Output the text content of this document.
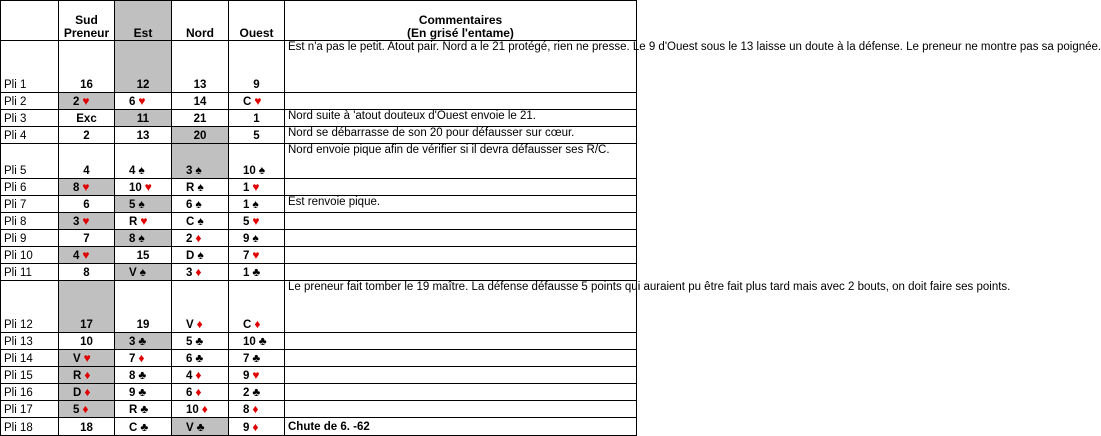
	Sud
Preneur	Est	Nord	Ouest	Commentaires
(En grisé l'entame)
Pli 1	16	12	13	9	Est n'a pas le petit. Atout pair. Nord a le 21 protégé, rien ne presse. Le 9 d'Ouest sous le 13 laisse un doute à la défense. Le preneur ne montre pas sa poignée.
Pli 2	2 ♥	6 ♥	14	C ♥	
Pli 3	Exc	11	21	1	Nord suite à 'atout douteux d'Ouest envoie le 21.
Pli 4	2	13	20	5	Nord se débarrasse de son 20 pour défausser sur cœur.
Pli 5	4	4 ♠	3 ♠	10 ♠	Nord envoie pique afin de vérifier si il devra défausser ses R/C.
Pli 6	8 ♥	10 ♥	R ♠	1 ♥	
Pli 7	6	5 ♠	6 ♠	1 ♠	Est renvoie pique.
Pli 8	3 ♥	R ♥	C ♠	5 ♥	
Pli 9	7	8 ♠	2 ♦	9 ♠	
Pli 10	4 ♥	15	D ♠	7 ♥	
Pli 11	8	V ♠	3 ♦	1 ♣	
Pli 12	17	19	V ♦	C ♦	Le preneur fait tomber le 19 maître. La défense défausse 5 points qui auraient pu être fait plus tard mais avec 2 bouts, on doit faire ses points.
Pli 13	10	3 ♣	5 ♣	10 ♣	
Pli 14	V ♥	7 ♦	6 ♣	7 ♣	
Pli 15	R ♦	8 ♣	4 ♦	9 ♥	
Pli 16	D ♦	9 ♣	6 ♦	2 ♣	
Pli 17	5 ♦	R ♣	10 ♦	8 ♦	
Pli 18	18	C ♣	V ♣	9 ♦	Chute de 6. -62
